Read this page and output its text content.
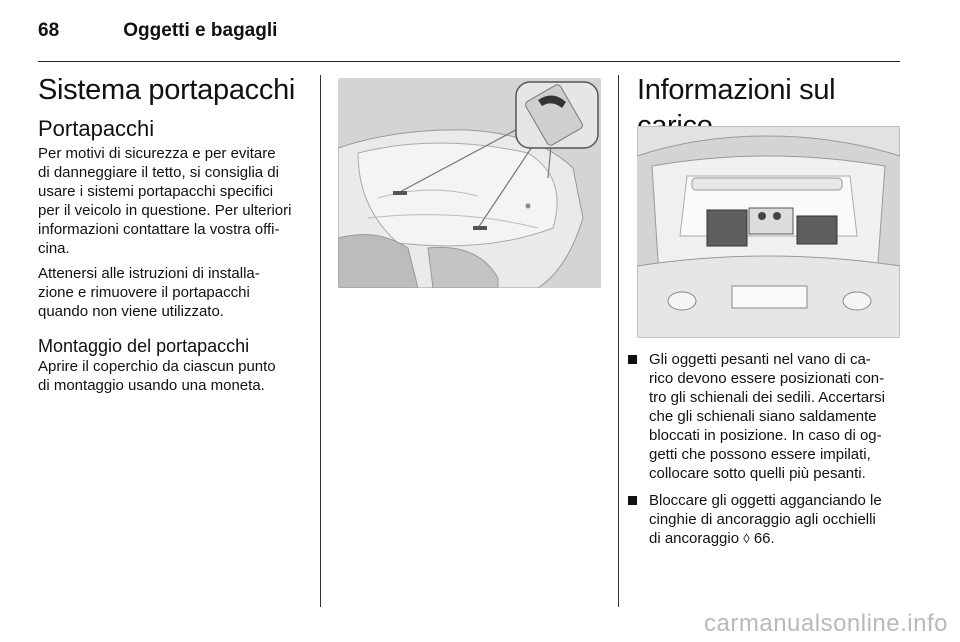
68	Oggetti e bagagli
Sistema portapacchi
Portapacchi

Per motivi di sicurezza e per evitare
di danneggiare il tetto, si consiglia di
usare i sistemi portapacchi specifici
per il veicolo in questione. Per ulteriori
informazioni contattare la vostra offi-
cina.

Attenersi alle istruzioni di installa-
zione e rimuovere il portapacchi
quando non viene utilizzato.

Montaggio del portapacchi

Aprire il coperchio da ciascun punto
di montaggio usando una moneta.

Informazioni sul
Gli oggetti pesanti nel vano di ca-
rico devono essere posizionati con-
tro gli schienali dei sedili. Accertarsi
che gli schienali siano saldamente
bloccati in posizione. In caso di og-
getti che possono essere impilati,
collocare sotto quelli più pesanti.
Bloccare gli oggetti agganciando le
cinghie di ancoraggio agli occhielli
di ancoraggio ◊ 66.
carmanualsonline.info
